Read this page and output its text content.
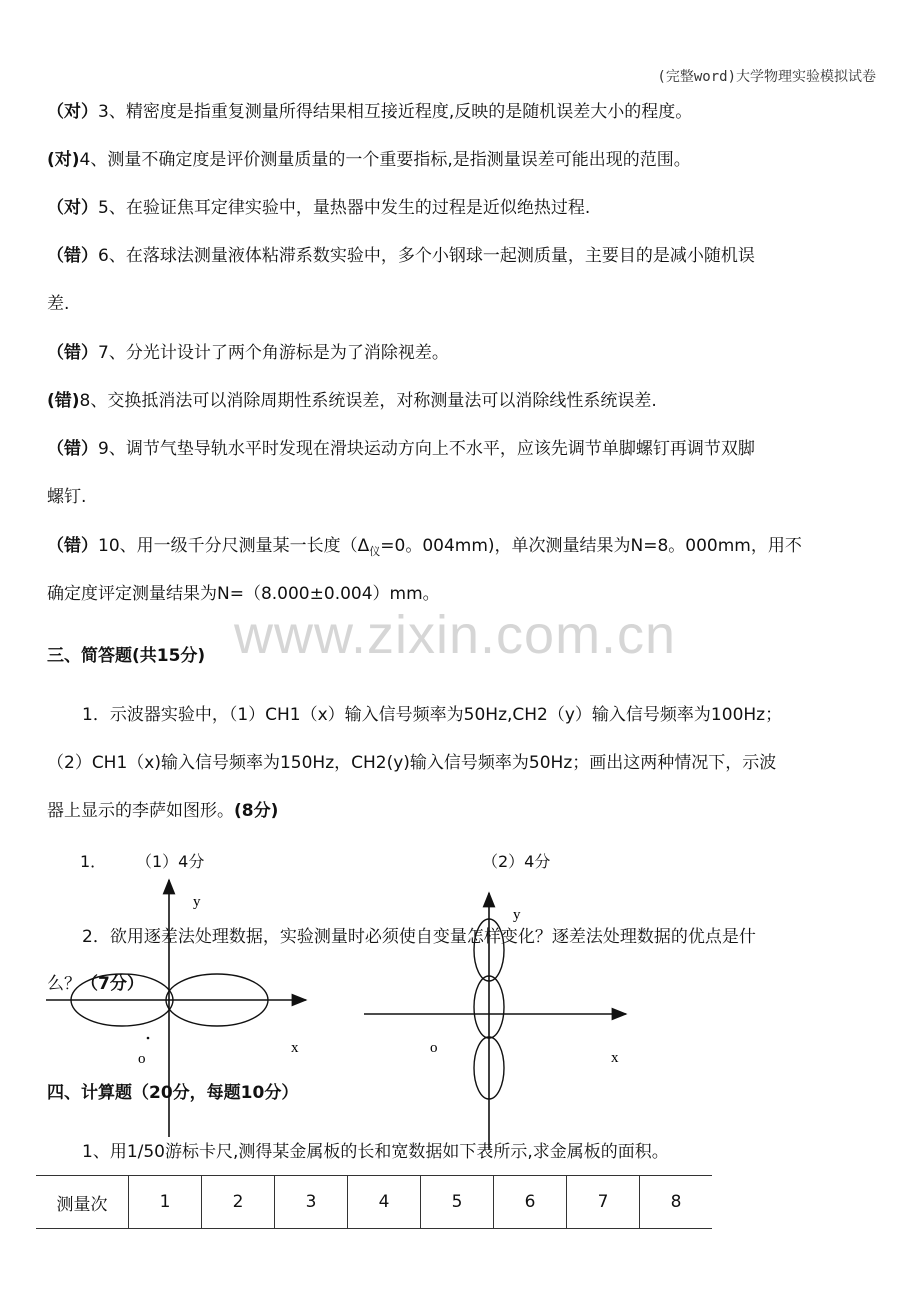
(完整word)大学物理实验模拟试卷
（对）3、精密度是指重复测量所得结果相互接近程度,反映的是随机误差大小的程度。
(对)4、测量不确定度是评价测量质量的一个重要指标,是指测量误差可能出现的范围。
（对）5、在验证焦耳定律实验中，量热器中发生的过程是近似绝热过程.
（错）6、在落球法测量液体粘滞系数实验中，多个小钢球一起测质量，主要目的是减小随机误
差.
（错）7、分光计设计了两个角游标是为了消除视差。
(错)8、交换抵消法可以消除周期性系统误差，对称测量法可以消除线性系统误差.
（错）9、调节气垫导轨水平时发现在滑块运动方向上不水平，应该先调节单脚螺钉再调节双脚
螺钉.
（错）10、用一级千分尺测量某一长度（$\Delta_仪=0$。004mm)，单次测量结果为N=8。000mm，用不
确定度评定测量结果为N=（8.000±0.004）mm。
www.zixin.com.cn
三、简答题(共15分)
1．示波器实验中，（1）CH1（x）输入信号频率为50Hz,CH2（y）输入信号频率为100Hz；
（2）CH1（x)输入信号频率为150Hz，CH2(y)输入信号频率为50Hz；画出这两种情况下，示波
器上显示的李萨如图形。(8分)
1． （1）4分	（2）4分
y
x
o
y
x
o
2．欲用逐差法处理数据，实验测量时必须使自变量怎样变化？逐差法处理数据的优点是什
么？（7分）
四、计算题（20分，每题10分）
1、用1/50游标卡尺,测得某金属板的长和宽数据如下表所示,求金属板的面积。
测量次	1	2	3	4	5	6	7	8
